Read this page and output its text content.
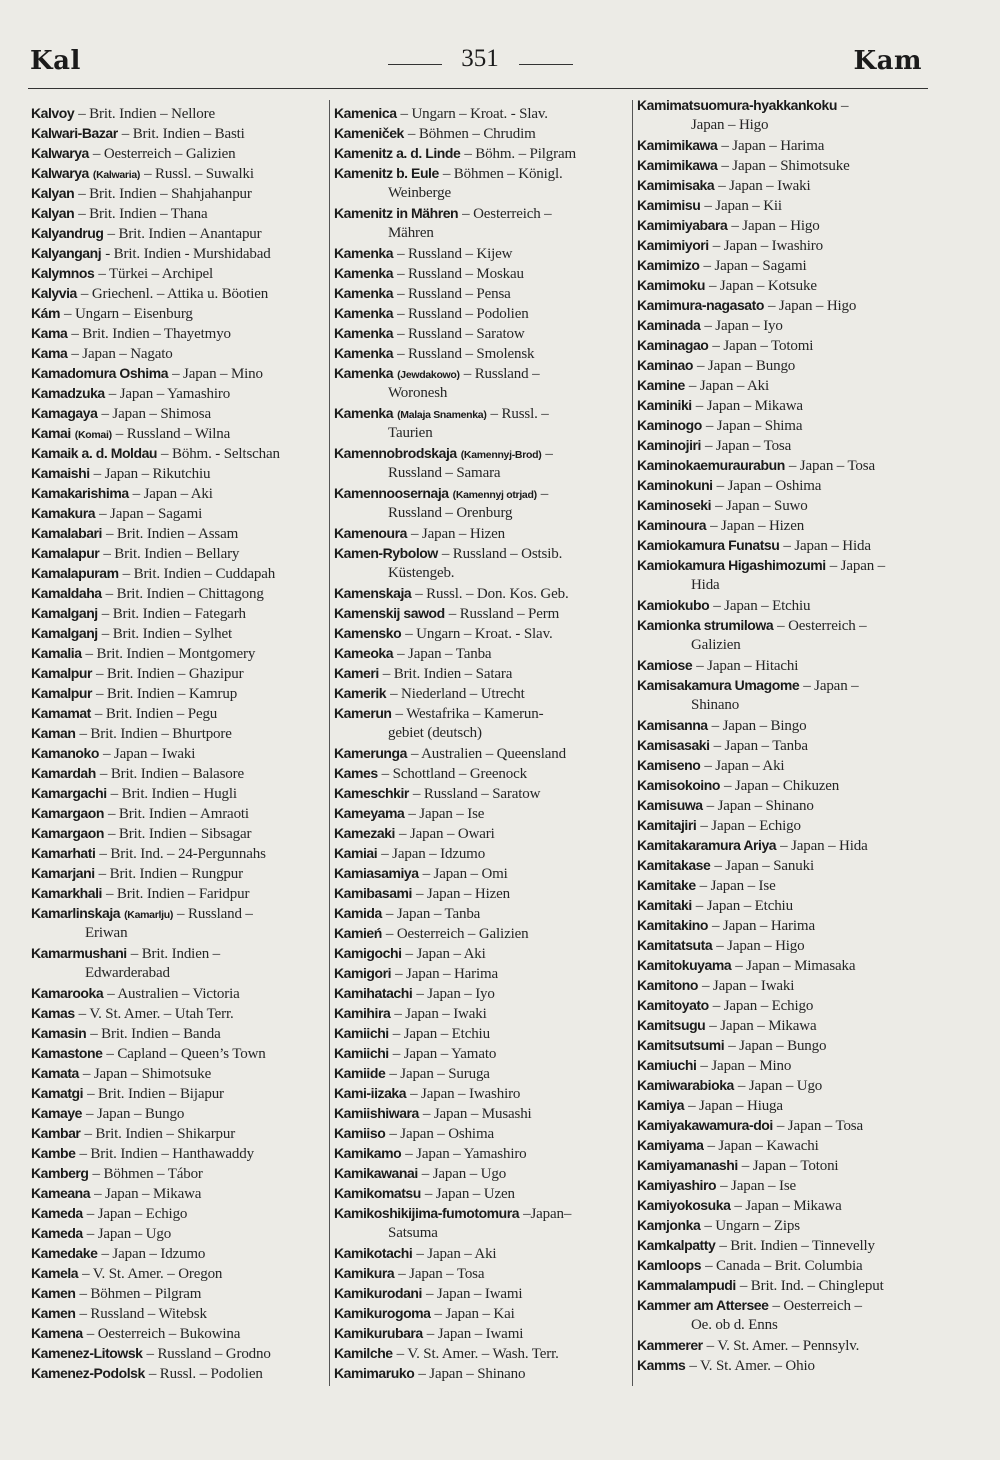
Kal	351	Kam
Kalvoy – Brit. Indien – Nellore
Kalwari-Bazar – Brit. Indien – Basti
Kalwarya – Oesterreich – Galizien
Kalwarya (Kalwaria) – Russl. – Suwalki
Kalyan – Brit. Indien – Shahjahanpur
Kalyan – Brit. Indien – Thana
Kalyandrug – Brit. Indien – Anantapur
Kalyanganj - Brit. Indien - Murshidabad
Kalymnos – Türkei – Archipel
Kalyvia – Griechenl. – Attika u. Böotien
Kám – Ungarn – Eisenburg
Kama – Brit. Indien – Thayetmyo
Kama – Japan – Nagato
Kamadomura Oshima – Japan – Mino
Kamadzuka – Japan – Yamashiro
Kamagaya – Japan – Shimosa
Kamai (Komai) – Russland – Wilna
Kamaik a. d. Moldau – Böhm. - Seltschan
Kamaishi – Japan – Rikutchiu
Kamakarishima – Japan – Aki
Kamakura – Japan – Sagami
Kamalabari – Brit. Indien – Assam
Kamalapur – Brit. Indien – Bellary
Kamalapuram – Brit. Indien – Cuddapah
Kamaldaha – Brit. Indien – Chittagong
Kamalganj – Brit. Indien – Fategarh
Kamalganj – Brit. Indien – Sylhet
Kamalia – Brit. Indien – Montgomery
Kamalpur – Brit. Indien – Ghazipur
Kamalpur – Brit. Indien – Kamrup
Kamamat – Brit. Indien – Pegu
Kaman – Brit. Indien – Bhurtpore
Kamanoko – Japan – Iwaki
Kamardah – Brit. Indien – Balasore
Kamargachi – Brit. Indien – Hugli
Kamargaon – Brit. Indien – Amraoti
Kamargaon – Brit. Indien – Sibsagar
Kamarhati – Brit. Ind. – 24-Pergunnahs
Kamarjani – Brit. Indien – Rungpur
Kamarkhali – Brit. Indien – Faridpur
Kamarlinskaja (Kamarlju) – Russland –
Eriwan
Kamarmushani – Brit. Indien –
Edwarderabad
Kamarooka – Australien – Victoria
Kamas – V. St. Amer. – Utah Terr.
Kamasin – Brit. Indien – Banda
Kamastone – Capland – Queen’s Town
Kamata – Japan – Shimotsuke
Kamatgi – Brit. Indien – Bijapur
Kamaye – Japan – Bungo
Kambar – Brit. Indien – Shikarpur
Kambe – Brit. Indien – Hanthawaddy
Kamberg – Böhmen – Tábor
Kameana – Japan – Mikawa
Kameda – Japan – Echigo
Kameda – Japan – Ugo
Kamedake – Japan – Idzumo
Kamela – V. St. Amer. – Oregon
Kamen – Böhmen – Pilgram
Kamen – Russland – Witebsk
Kamena – Oesterreich – Bukowina
Kamenez-Litowsk – Russland – Grodno
Kamenez-Podolsk – Russl. – Podolien
Kamenica – Ungarn – Kroat. - Slav.
Kameniček – Böhmen – Chrudim
Kamenitz a. d. Linde – Böhm. – Pilgram
Kamenitz b. Eule – Böhmen – Königl.
Weinberge
Kamenitz in Mähren – Oesterreich –
Mähren
Kamenka – Russland – Kijew
Kamenka – Russland – Moskau
Kamenka – Russland – Pensa
Kamenka – Russland – Podolien
Kamenka – Russland – Saratow
Kamenka – Russland – Smolensk
Kamenka (Jewdakowo) – Russland –
Woronesh
Kamenka (Malaja Snamenka) – Russl. –
Taurien
Kamennobrodskaja (Kamennyj-Brod) –
Russland – Samara
Kamennoosernaja (Kamennyj otrjad) –
Russland – Orenburg
Kamenoura – Japan – Hizen
Kamen-Rybolow – Russland – Ostsib.
Küstengeb.
Kamenskaja – Russl. – Don. Kos. Geb.
Kamenskij sawod – Russland – Perm
Kamensko – Ungarn – Kroat. - Slav.
Kameoka – Japan – Tanba
Kameri – Brit. Indien – Satara
Kamerik – Niederland – Utrecht
Kamerun – Westafrika – Kamerun-
gebiet (deutsch)
Kamerunga – Australien – Queensland
Kames – Schottland – Greenock
Kameschkir – Russland – Saratow
Kameyama – Japan – Ise
Kamezaki – Japan – Owari
Kamiai – Japan – Idzumo
Kamiasamiya – Japan – Omi
Kamibasami – Japan – Hizen
Kamida – Japan – Tanba
Kamień – Oesterreich – Galizien
Kamigochi – Japan – Aki
Kamigori – Japan – Harima
Kamihatachi – Japan – Iyo
Kamihira – Japan – Iwaki
Kamiichi – Japan – Etchiu
Kamiichi – Japan – Yamato
Kamiide – Japan – Suruga
Kami-iizaka – Japan – Iwashiro
Kamiishiwara – Japan – Musashi
Kamiiso – Japan – Oshima
Kamikamo – Japan – Yamashiro
Kamikawanai – Japan – Ugo
Kamikomatsu – Japan – Uzen
Kamikoshikijima-fumotomura –Japan–
Satsuma
Kamikotachi – Japan – Aki
Kamikura – Japan – Tosa
Kamikurodani – Japan – Iwami
Kamikurogoma – Japan – Kai
Kamikurubara – Japan – Iwami
Kamilche – V. St. Amer. – Wash. Terr.
Kamimaruko – Japan – Shinano
Kamimatsuomura-hyakkankoku –
Japan – Higo
Kamimikawa – Japan – Harima
Kamimikawa – Japan – Shimotsuke
Kamimisaka – Japan – Iwaki
Kamimisu – Japan – Kii
Kamimiyabara – Japan – Higo
Kamimiyori – Japan – Iwashiro
Kamimizo – Japan – Sagami
Kamimoku – Japan – Kotsuke
Kamimura-nagasato – Japan – Higo
Kaminada – Japan – Iyo
Kaminagao – Japan – Totomi
Kaminao – Japan – Bungo
Kamine – Japan – Aki
Kaminiki – Japan – Mikawa
Kaminogo – Japan – Shima
Kaminojiri – Japan – Tosa
Kaminokaemuraurabun – Japan – Tosa
Kaminokuni – Japan – Oshima
Kaminoseki – Japan – Suwo
Kaminoura – Japan – Hizen
Kamiokamura Funatsu – Japan – Hida
Kamiokamura Higashimozumi – Japan –
Hida
Kamiokubo – Japan – Etchiu
Kamionka strumilowa – Oesterreich –
Galizien
Kamiose – Japan – Hitachi
Kamisakamura Umagome – Japan –
Shinano
Kamisanna – Japan – Bingo
Kamisasaki – Japan – Tanba
Kamiseno – Japan – Aki
Kamisokoino – Japan – Chikuzen
Kamisuwa – Japan – Shinano
Kamitajiri – Japan – Echigo
Kamitakaramura Ariya – Japan – Hida
Kamitakase – Japan – Sanuki
Kamitake – Japan – Ise
Kamitaki – Japan – Etchiu
Kamitakino – Japan – Harima
Kamitatsuta – Japan – Higo
Kamitokuyama – Japan – Mimasaka
Kamitono – Japan – Iwaki
Kamitoyato – Japan – Echigo
Kamitsugu – Japan – Mikawa
Kamitsutsumi – Japan – Bungo
Kamiuchi – Japan – Mino
Kamiwarabioka – Japan – Ugo
Kamiya – Japan – Hiuga
Kamiyakawamura-doi – Japan – Tosa
Kamiyama – Japan – Kawachi
Kamiyamanashi – Japan – Totoni
Kamiyashiro – Japan – Ise
Kamiyokosuka – Japan – Mikawa
Kamjonka – Ungarn – Zips
Kamkalpatty – Brit. Indien – Tinnevelly
Kamloops – Canada – Brit. Columbia
Kammalampudi – Brit. Ind. – Chingleput
Kammer am Attersee – Oesterreich –
Oe. ob d. Enns
Kammerer – V. St. Amer. – Pennsylv.
Kamms – V. St. Amer. – Ohio
